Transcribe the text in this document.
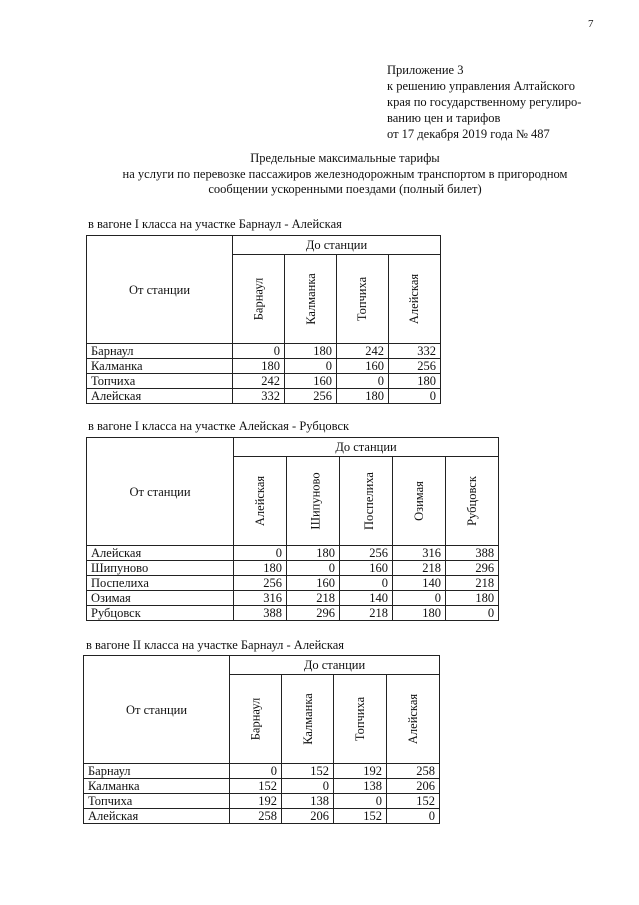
7
Приложение 3
к решению управления Алтайского
края по государственному регулиро-
ванию цен и тарифов
от 17 декабря 2019 года № 487
Предельные максимальные тарифы
на услуги по перевозке пассажиров железнодорожным транспортом в пригородном
сообщении ускоренными поездами (полный билет)
в вагоне I класса на участке Барнаул - Алейская
От станции	До станции			
	Барнаул	Калманка	Топчиха	Алейская
Барнаул	0	180	242	332
Калманка	180	0	160	256
Топчиха	242	160	0	180
Алейская	332	256	180	0
в вагоне I класса на участке Алейская - Рубцовск
От станции	До станции				
	Алейская	Шипуново	Поспелиха	Озимая	Рубцовск
Алейская	0	180	256	316	388
Шипуново	180	0	160	218	296
Поспелиха	256	160	0	140	218
Озимая	316	218	140	0	180
Рубцовск	388	296	218	180	0
в вагоне II класса на участке Барнаул - Алейская
От станции	До станции			
	Барнаул	Калманка	Топчиха	Алейская
Барнаул	0	152	192	258
Калманка	152	0	138	206
Топчиха	192	138	0	152
Алейская	258	206	152	0
